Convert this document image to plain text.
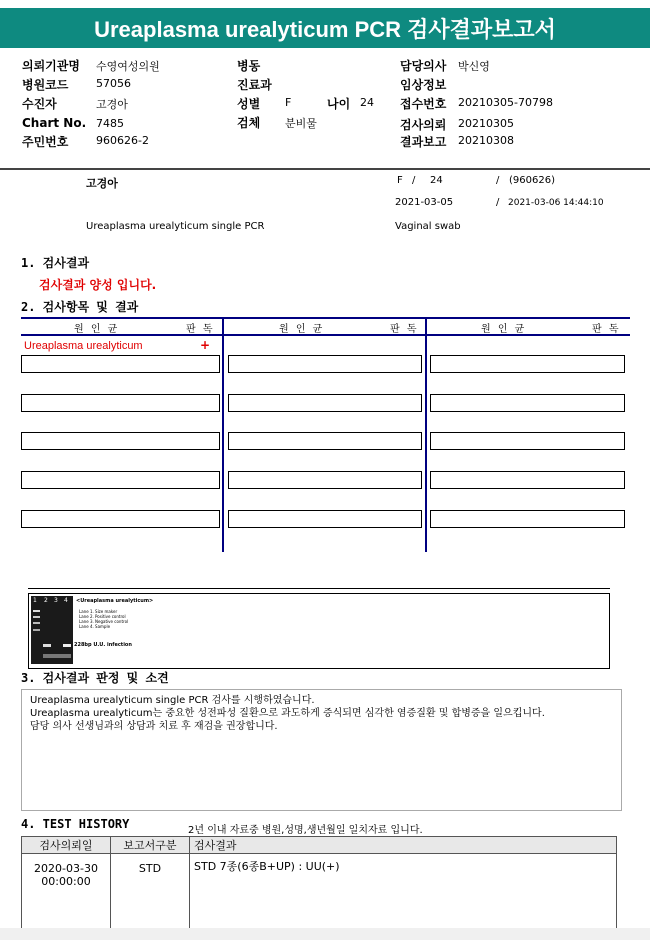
Ureaplasma urealyticum PCR 검사결과보고서
의뢰기관명 수영여성의원
병원코드	57056
수진자	고경아
Chart No. 7485
주민번호	960626-2
병동
진료과
성별 F	나이 24
검체 분비물
담당의사 박신영
임상정보
접수번호 20210305-70798
검사의뢰 20210305
결과보고 20210308
고경아	F / 24	/ (960626)
2021-03-05	/ 2021-03-06 14:44:10
Ureaplasma urealyticum single PCR	Vaginal swab
1. 검사결과
검사결과 양성 입니다.
2. 검사항목 및 결과
원 인 균	판 독	원 인 균	판 독	원 인 균	판 독
Ureaplasma urealyticum	+
1 2 3 4 <Ureaplasma urealyticum>
Lane 1. Size maker
Lane 2. Positive control
Lane 3. Negative control
Lane 4. Sample
228bp U.U. infection
3. 검사결과 판정 및 소견
Ureaplasma urealyticum single PCR 검사를 시행하였습니다.
Ureaplasma urealyticum는 중요한 성전파성 질환으로 과도하게 증식되면 심각한 염증질환 및 합병증을 일으킵니다.
담당 의사 선생님과의 상담과 치료 후 재검을 권장합니다.
4. TEST HISTORY	2년 이내 자료중 병원,성명,생년월일 일치자료 입니다.
검사의뢰일	보고서구분	검사결과

2020-03-30
00:00:00	STD	STD 7종(6종B+UP) : UU(+)
